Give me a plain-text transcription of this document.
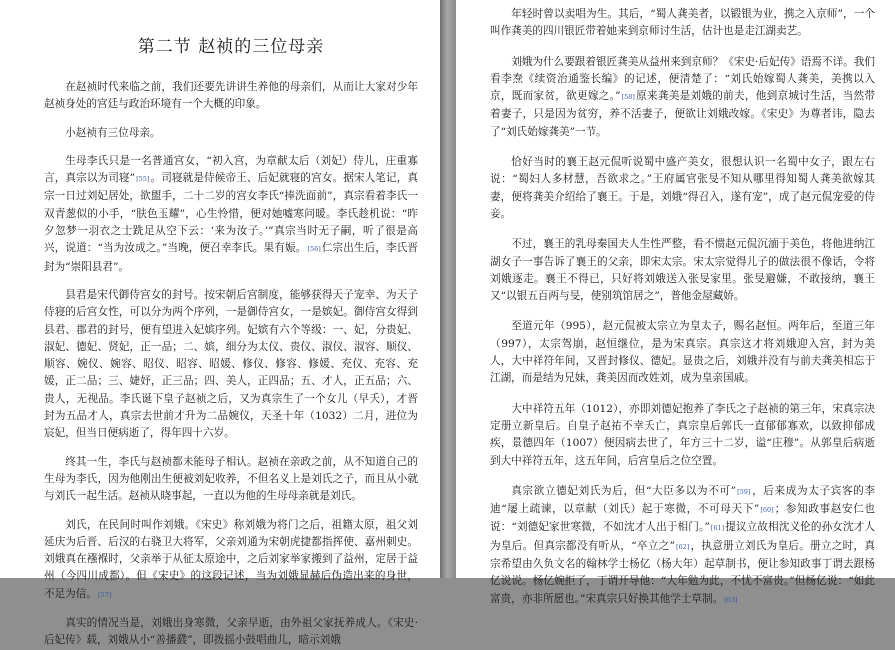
第二节 赵祯的三位母亲

在赵祯时代来临之前，我们还要先讲讲生养他的母亲们，从而让大家对少年赵祯身处的宫廷与政治环境有一个大概的印象。

小赵祯有三位母亲。

生母李氏只是一名普通宫女，“初入宫，为章献太后（刘妃）侍儿，庄重寡言，真宗以为司寝”[55]。司寝就是侍候帝王、后妃就寝的宫女。据宋人笔记，真宗一日过刘妃居处，欲盥手，二十二岁的宫女李氏“捧洗面前”，真宗看着李氏一双青葱似的小手，“肤色玉耀”，心生怜惜，便对她嘘寒问暖。李氏趁机说：“昨夕忽梦一羽衣之士跣足从空下云：‘来为汝子。’”真宗当时无子嗣，听了很是高兴，说道：“当为汝成之。”当晚，便召幸李氏。果有娠。[56]仁宗出生后，李氏晋封为“崇阳县君”。

县君是宋代御侍宫女的封号。按宋朝后宫制度，能够获得天子宠幸、为天子侍寝的后宫女性，可以分为两个序列，一是御侍宫女，一是嫔妃。御侍宫女得到县君、郡君的封号，便有望进入妃嫔序列。妃嫔有六个等级：一、妃，分贵妃、淑妃、德妃、贤妃，正一品；二、嫔，细分为太仪、贵仪、淑仪、淑容、顺仪、顺容、婉仪、婉容、昭仪、昭容、昭媛、修仪、修容、修媛、充仪、充容、充媛，正二品；三、婕妤，正三品；四、美人，正四品；五、才人，正五品；六、贵人，无视品。李氏诞下皇子赵祯之后，又为真宗生了一个女儿（早夭），才晋封为五品才人，真宗去世前才升为二品婉仪，天圣十年（1032）二月，进位为宸妃，但当日便病逝了，得年四十六岁。

终其一生，李氏与赵祯都未能母子相认。赵祯在亲政之前，从不知道自己的生母为李氏，因为他刚出生便被刘妃收养，不但名义上是刘氏之子，而且从小就与刘氏一起生活。赵祯从晓事起，一直以为他的生母母亲就是刘氏。

刘氏，在民间时叫作刘娥。《宋史》称刘娥为将门之后，祖籍太原，祖父刘延庆为后晋、后汉的右骁卫大将军，父亲刘通为宋朝虎捷都指挥使、嘉州刺史。刘娥真在襁褓时，父亲举于从征太原途中，之后刘家举家搬到了益州，定居于益州（今四川成都）。但《宋史》的这段记述，当为刘娥显赫后伪造出来的身世，不足为信。[57]

真实的情况当是，刘娥出身寒微，父亲早逝，由外祖父家抚养成人。《宋史·后妃传》载，刘娥从小“善播鼗”，即拨摇小鼓唱曲儿，暗示刘娥

年轻时曾以卖唱为生。其后，“蜀人龚美者，以锻银为业，携之入京师”，一个叫作龚美的四川银匠带着她来到京师讨生活，估计也是走江湖卖艺。

刘娥为什么要跟着银匠龚美从益州来到京师？《宋史·后妃传》语焉不详。我们看李焘《续资治通鉴长编》的记述，便清楚了：“刘氏始嫁蜀人龚美，美携以入京，既而家贫，欲更嫁之。”[58]原来龚美是刘娥的前夫，他到京城讨生活，当然带着妻子，只是因为贫穷，养不活妻子，便欲让刘娥改嫁。《宋史》为尊者讳，隐去了“刘氏始嫁龚美”一节。

恰好当时的襄王赵元侃听说蜀中盛产美女，很想认识一名蜀中女子，跟左右说：“蜀妇人多材慧，吾欲求之。”王府属官张旻不知从哪里得知蜀人龚美欲嫁其妻，便将龚美介绍给了襄王。于是，刘娥“得召入，遂有宠”，成了赵元侃宠爱的侍妾。

不过，襄王的乳母秦国夫人生性严整，看不惯赵元侃沉湎于美色，将他进纳江湖女子一事告诉了襄王的父亲，即宋太宗。宋太宗觉得儿子的做法很不像话，令将刘娥逐走。襄王不得已，只好将刘娥送入张旻家里。张旻避嫌，不敢接纳，襄王又“以银五百两与旻，使别筑馆居之”，普他金屋藏娇。

至道元年（995），赵元侃被太宗立为皇太子，赐名赵恒。两年后，至道三年（997），太宗驾崩，赵恒继位，是为宋真宗。真宗这才将刘娥迎入宫，封为美人，大中祥符年间，又晋封修仪、德妃。显贵之后，刘娥并没有与前夫龚美相忘于江湖，而是结为兄妹，龚美因而改姓刘，成为皇亲国戚。

大中祥符五年（1012），亦即刘德妃抱养了李氏之子赵祯的第三年，宋真宗决定册立新皇后。自皇子赵祐不幸夭亡，真宗皇后郭氏一直郁郁寡欢，以致抑郁成疾，景德四年（1007）便因病去世了，年方三十二岁，谥“庄穆”。从郭皇后病逝到大中祥符五年，这五年间，后宫皇后之位空置。

真宗欲立德妃刘氏为后，但“大臣多以为不可”[59]，后来成为太子宾客的李迪“屡上疏谏，以章献（刘氏）起于寒微，不可母天下”[60]；参知政事赵安仁也说：“刘德妃家世寒微，不如沈才人出于相门。”[61]提议立故相沈义伦的孙女沈才人为皇后。但真宗都没有听从，“卒立之”[62]，执意册立刘氏为皇后。册立之时，真宗希望由久负文名的翰林学士杨亿（杨大年）起草制书，便让参知政事丁谓去跟杨亿说说。杨亿婉拒了，丁谓开导他：“大年勉为此，不忧不富贵。”但杨亿说：“如此富贵，亦非所愿也。”宋真宗只好换其他学士草制。[63]
